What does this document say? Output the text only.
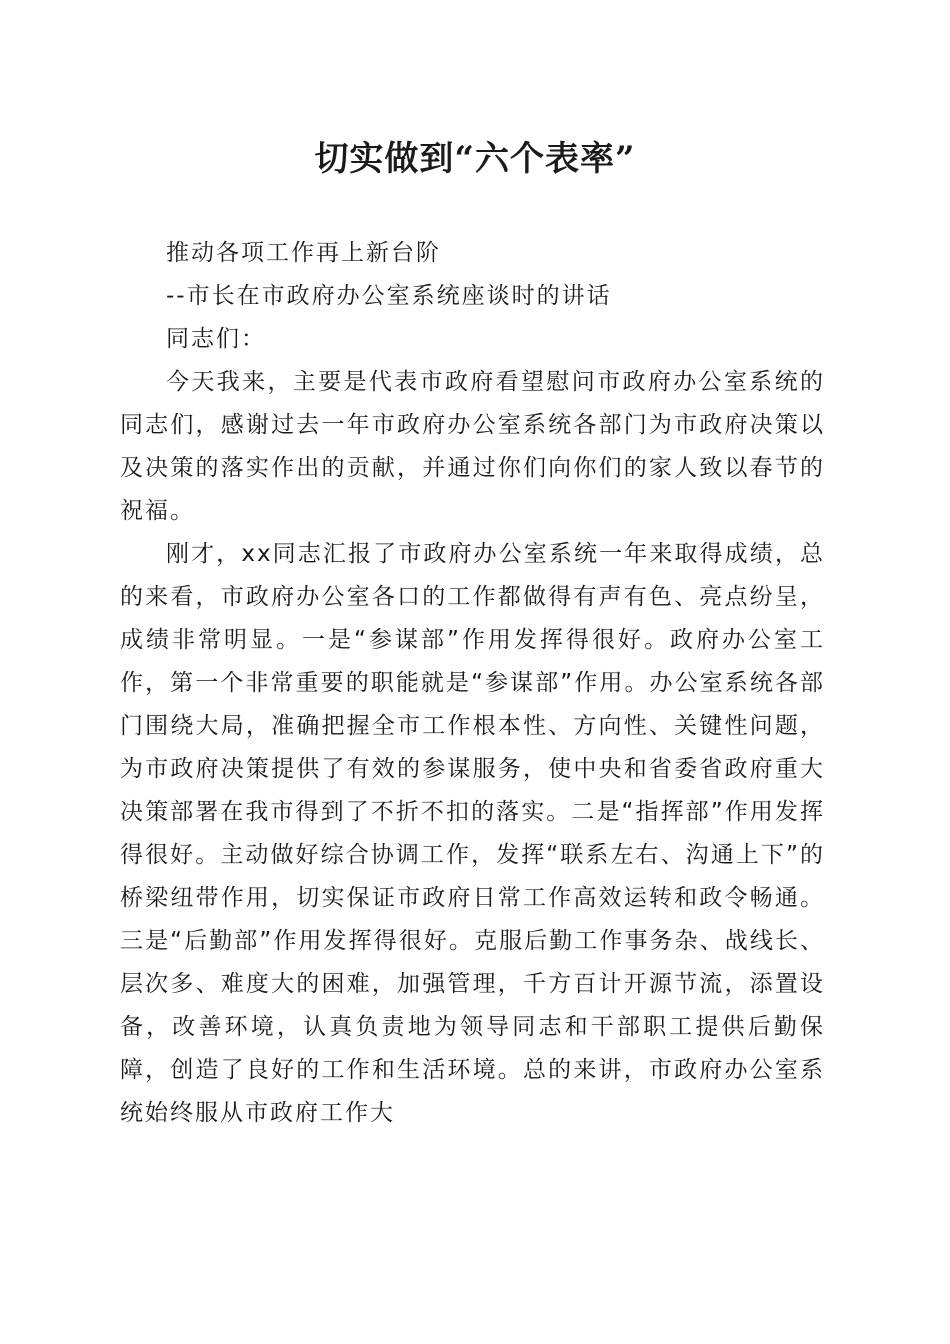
切实做到“六个表率”

推动各项工作再上新台阶

--市长在市政府办公室系统座谈时的讲话

同志们：

今天我来，主要是代表市政府看望慰问市政府办公室系统的同志们，感谢过去一年市政府办公室系统各部门为市政府决策以及决策的落实作出的贡献，并通过你们向你们的家人致以春节的祝福。

刚才，xx同志汇报了市政府办公室系统一年来取得成绩，总的来看，市政府办公室各口的工作都做得有声有色、亮点纷呈，成绩非常明显。一是“参谋部”作用发挥得很好。政府办公室工作，第一个非常重要的职能就是“参谋部”作用。办公室系统各部门围绕大局，准确把握全市工作根本性、方向性、关键性问题，为市政府决策提供了有效的参谋服务，使中央和省委省政府重大决策部署在我市得到了不折不扣的落实。二是“指挥部”作用发挥得很好。主动做好综合协调工作，发挥“联系左右、沟通上下”的桥梁纽带作用，切实保证市政府日常工作高效运转和政令畅通。三是“后勤部”作用发挥得很好。克服后勤工作事务杂、战线长、层次多、难度大的困难，加强管理，千方百计开源节流，添置设备，改善环境，认真负责地为领导同志和干部职工提供后勤保障，创造了良好的工作和生活环境。总的来讲，市政府办公室系统始终服从市政府工作大
